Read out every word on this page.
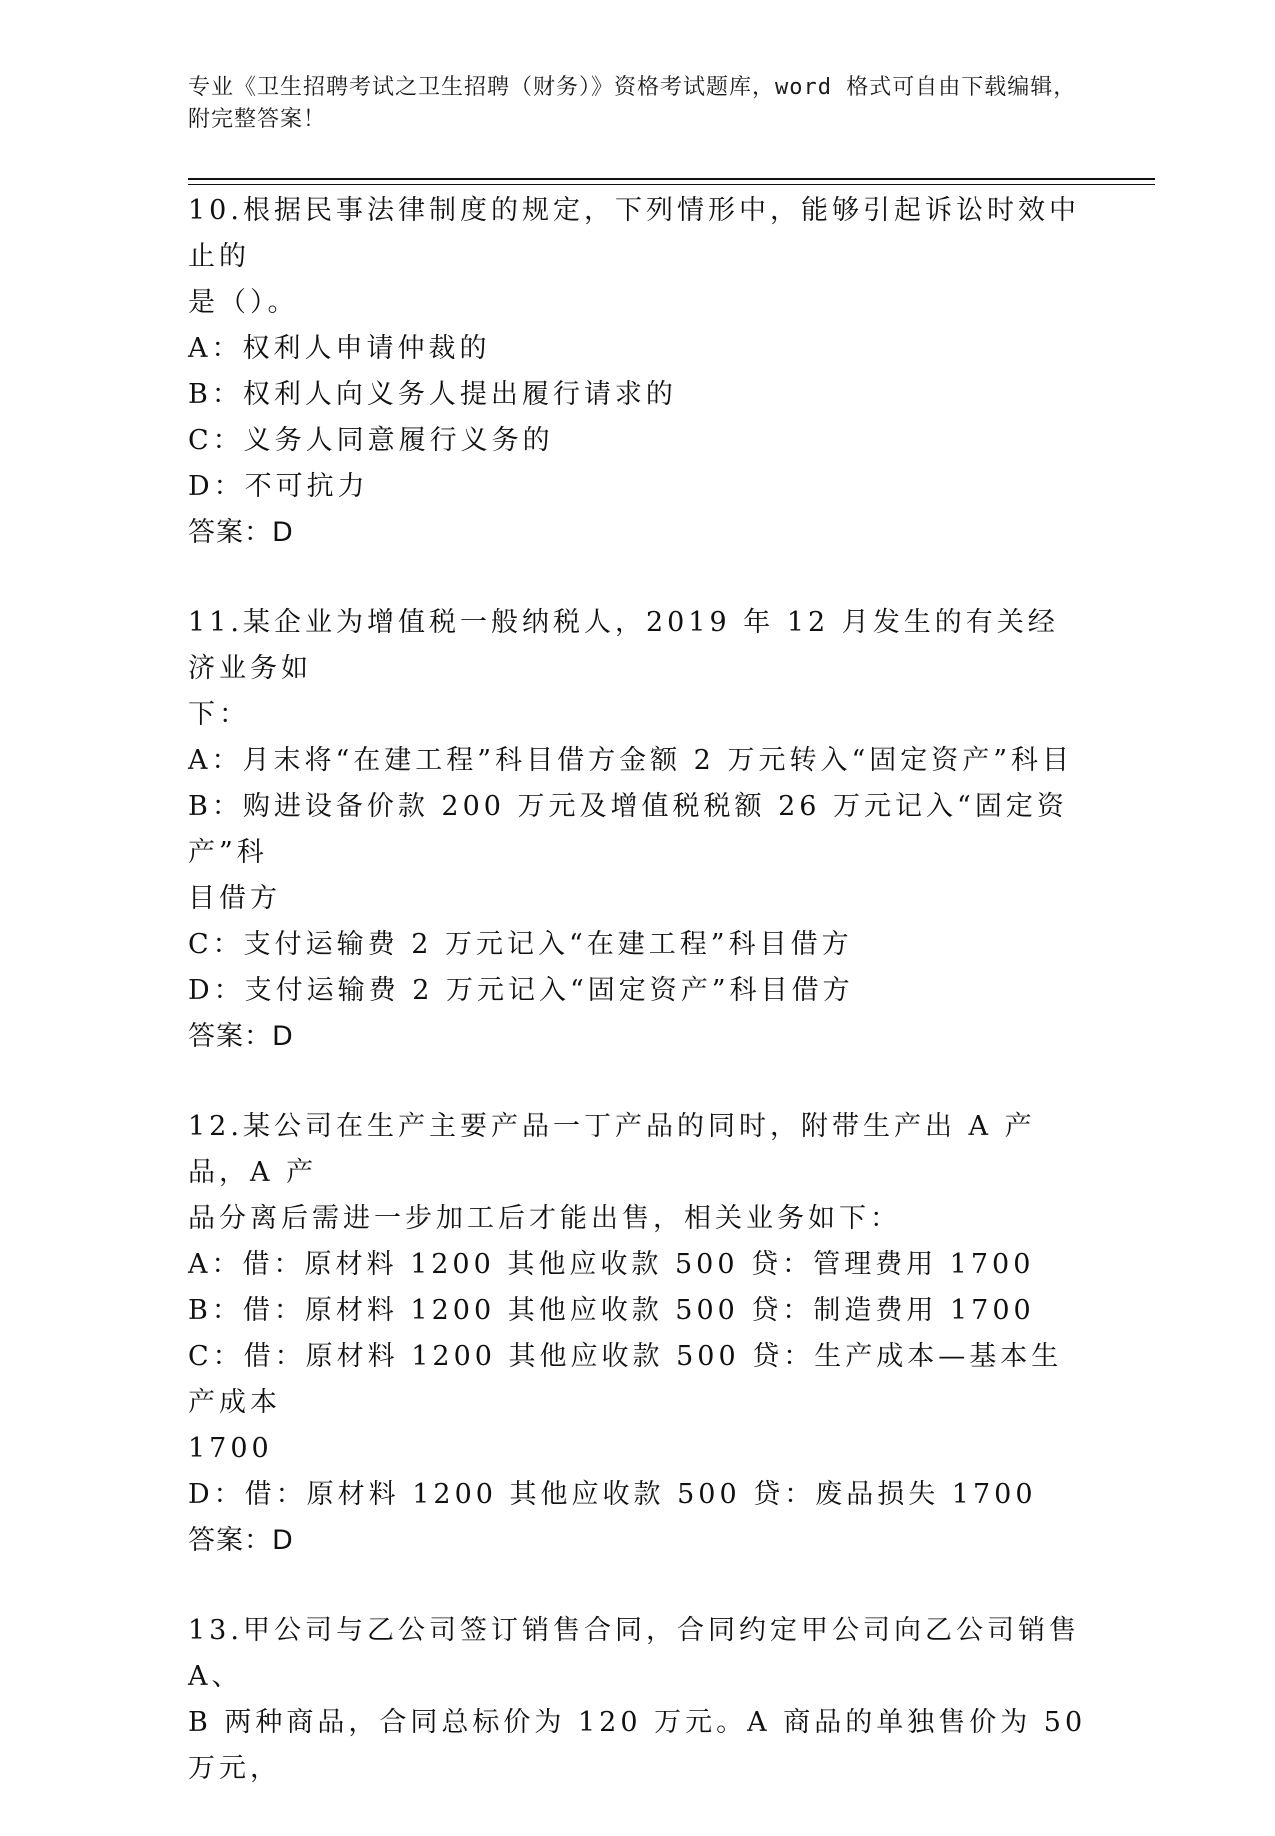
专业《卫生招聘考试之卫生招聘（财务）》资格考试题库，word 格式可自由下载编辑，附完整答案！

10.根据民事法律制度的规定，下列情形中，能够引起诉讼时效中止的

是（）。

A：权利人申请仲裁的

B：权利人向义务人提出履行请求的

C：义务人同意履行义务的

D：不可抗力

答案：D

11.某企业为增值税一般纳税人，2019 年 12 月发生的有关经济业务如

下：

A：月末将“在建工程”科目借方金额 2 万元转入“固定资产”科目

B：购进设备价款 200 万元及增值税税额 26 万元记入“固定资产”科

目借方

C：支付运输费 2 万元记入“在建工程”科目借方

D：支付运输费 2 万元记入“固定资产”科目借方

答案：D

12.某公司在生产主要产品一丁产品的同时，附带生产出 A 产品，A 产

品分离后需进一步加工后才能出售，相关业务如下：

A：借：原材料 1200 其他应收款 500 贷：管理费用 1700

B：借：原材料 1200 其他应收款 500 贷：制造费用 1700

C：借：原材料 1200 其他应收款 500 贷：生产成本—基本生产成本

1700

D：借：原材料 1200 其他应收款 500 贷：废品损失 1700

答案：D

13.甲公司与乙公司签订销售合同，合同约定甲公司向乙公司销售 A、

B 两种商品，合同总标价为 120 万元。A 商品的单独售价为 50 万元，
